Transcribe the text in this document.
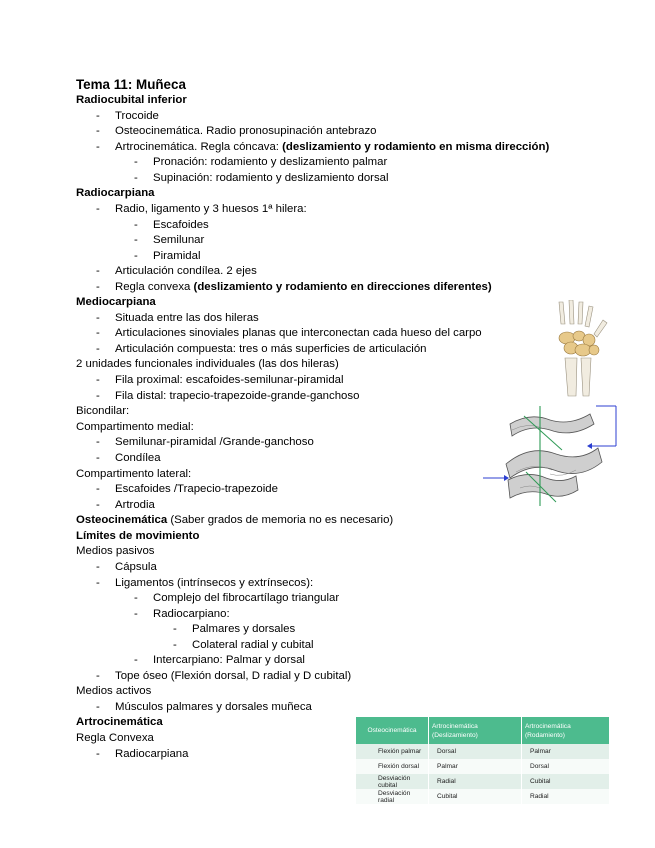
Tema 11: Muñeca
Radiocubital inferior
- Trocoide
- Osteocinemática. Radio pronosupinación antebrazo
- Artrocinemática. Regla cóncava: (deslizamiento y rodamiento en misma dirección)
- Pronación: rodamiento y deslizamiento palmar
- Supinación: rodamiento y deslizamiento dorsal
Radiocarpiana
- Radio, ligamento y 3 huesos 1ª hilera:
- Escafoides
- Semilunar
- Piramidal
- Articulación condílea. 2 ejes
- Regla convexa (deslizamiento y rodamiento en direcciones diferentes)
Mediocarpiana
- Situada entre las dos hileras
- Articulaciones sinoviales planas que interconectan cada hueso del carpo
- Articulación compuesta: tres o más superficies de articulación
2 unidades funcionales individuales (las dos hileras)
- Fila proximal: escafoides-semilunar-piramidal
- Fila distal: trapecio-trapezoide-grande-ganchoso
Bicondilar:
Compartimento medial:
- Semilunar-piramidal /Grande-ganchoso
- Condílea
Compartimento lateral:
- Escafoides /Trapecio-trapezoide
- Artrodia
Osteocinemática (Saber grados de memoria no es necesario)
Límites de movimiento
Medios pasivos
- Cápsula
- Ligamentos (intrínsecos y extrínsecos):
- Complejo del fibrocartílago triangular
- Radiocarpiano:
- Palmares y dorsales
- Colateral radial y cubital
- Intercarpiano: Palmar y dorsal
- Tope óseo (Flexión dorsal, D radial y D cubital)
Medios activos
- Músculos palmares y dorsales muñeca
Artrocinemática
Regla Convexa
- Radiocarpiana
Osteocinemática	Artrocinemática (Deslizamiento)	Artrocinemática (Rodamiento)
Flexión palmar	Dorsal	Palmar
Flexión dorsal	Palmar	Dorsal
Desviación cubital	Radial	Cubital
Desviación radial	Cubital	Radial
